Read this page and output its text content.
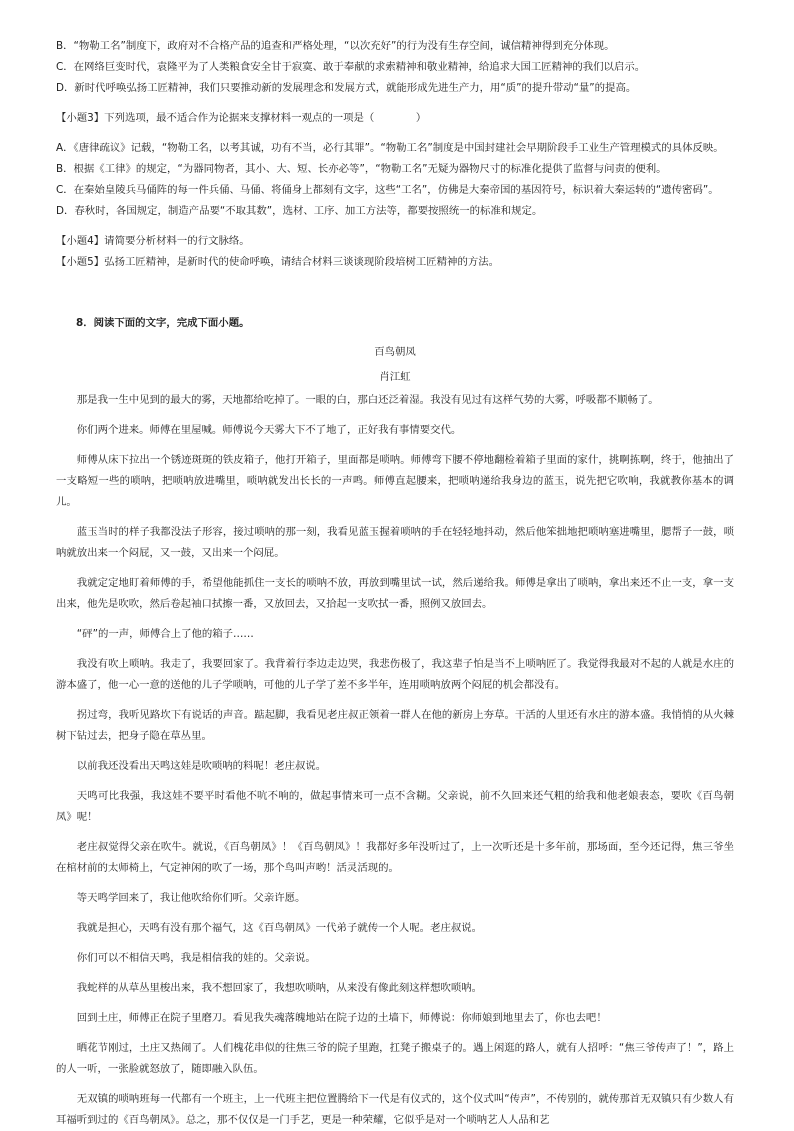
B．“物勒工名”制度下，政府对不合格产品的追查和严格处理，“以次充好”的行为没有生存空间，诚信精神得到充分体现。

C．在网络巨变时代，袁隆平为了人类粮食安全甘于寂寞、敢于奉献的求索精神和敬业精神，给追求大国工匠精神的我们以启示。

D．新时代呼唤弘扬工匠精神，我们只要推动新的发展理念和发展方式，就能形成先进生产力，用“质”的提升带动“量”的提高。

【小题3】下列选项，最不适合作为论据来支撑材料一观点的一项是（　　　　）

A．《唐律疏议》记载，“物勒工名，以考其诚，功有不当，必行其罪”。“物勒工名”制度是中国封建社会早期阶段手工业生产管理模式的具体反映。

B．根据《工律》的规定，“为器同物者，其小、大、短、长亦必等”，“物勒工名”无疑为器物尺寸的标准化提供了监督与问责的便利。

C．在秦始皇陵兵马俑阵的每一件兵俑、马俑、将俑身上都刻有文字，这些“工名”，仿佛是大秦帝国的基因符号，标识着大秦运转的“遗传密码”。

D．春秋时，各国规定，制造产品要“不取其数”，选材、工序、加工方法等，都要按照统一的标准和规定。

【小题4】请简要分析材料一的行文脉络。

【小题5】弘扬工匠精神，是新时代的使命呼唤，请结合材料三谈谈现阶段培树工匠精神的方法。

8．阅读下面的文字，完成下面小题。

百鸟朝凤

肖江虹

那是我一生中见到的最大的雾，天地都给吃掉了。一眼的白，那白还泛着湿。我没有见过有这样气势的大雾，呼吸都不顺畅了。

你们两个进来。师傅在里屋喊。师傅说今天雾大下不了地了，正好我有事情要交代。

师傅从床下拉出一个锈迹斑斑的铁皮箱子，他打开箱子，里面都是唢呐。师傅弯下腰不停地翻检着箱子里面的家什，挑啊拣啊，终于，他抽出了一支略短一些的唢呐，把唢呐放进嘴里，唢呐就发出长长的一声鸣。师傅直起腰来，把唢呐递给我身边的蓝玉，说先把它吹响，我就教你基本的调儿。

蓝玉当时的样子我都没法子形容，接过唢呐的那一刻，我看见蓝玉握着唢呐的手在轻轻地抖动，然后他笨拙地把唢呐塞进嘴里，腮帮子一鼓，唢呐就放出来一个闷屁，又一鼓，又出来一个闷屁。

我就定定地盯着师傅的手，希望他能抓住一支长的唢呐不放，再放到嘴里试一试，然后递给我。师傅是拿出了唢呐，拿出来还不止一支，拿一支出来，他先是吹吹，然后卷起袖口拭擦一番，又放回去，又拾起一支吹拭一番，照例又放回去。

“砰”的一声，师傅合上了他的箱子……

我没有吹上唢呐。我走了，我要回家了。我背着行李边走边哭，我悲伤极了，我这辈子怕是当不上唢呐匠了。我觉得我最对不起的人就是水庄的游本盛了，他一心一意的送他的儿子学唢呐，可他的儿子学了差不多半年，连用唢呐放两个闷屁的机会都没有。

拐过弯，我听见路坎下有说话的声音。踮起脚，我看见老庄叔正领着一群人在他的新房上夯草。干活的人里还有水庄的游本盛。我悄悄的从火棘树下钻过去，把身子隐在草丛里。

以前我还没看出天鸣这娃是吹唢呐的料呢！老庄叔说。

天鸣可比我强，我这娃不要平时看他不吭不响的，做起事情来可一点不含糊。父亲说，前不久回来还气粗的给我和他老娘表态，要吹《百鸟朝凤》呢！

老庄叔觉得父亲在吹牛。就说，《百鸟朝凤》！《百鸟朝凤》！我都好多年没听过了，上一次听还是十多年前，那场面，至今还记得，焦三爷坐在棺材前的太师椅上，气定神闲的吹了一场，那个鸟叫声哟！活灵活现的。

等天鸣学回来了，我让他吹给你们听。父亲许愿。

我就是担心，天鸣有没有那个福气，这《百鸟朝凤》一代弟子就传一个人呢。老庄叔说。

你们可以不相信天鸣，我是相信我的娃的。父亲说。

我蛇样的从草丛里梭出来，我不想回家了，我想吹唢呐，从来没有像此刻这样想吹唢呐。

回到土庄，师傅正在院子里磨刀。看见我失魂落魄地站在院子边的土墙下，师傅说：你师娘到地里去了，你也去吧！

晒花节刚过，土庄又热闹了。人们槐花串似的往焦三爷的院子里跑，扛凳子搬桌子的。遇上闲逛的路人，就有人招呼：“焦三爷传声了！”，路上的人一听，一张脸就怒放了，随即融入队伍。

无双镇的唢呐班每一代都有一个班主，上一代班主把位置腾给下一代是有仪式的，这个仪式叫“传声”，不传别的，就传那首无双镇只有少数人有耳福听到过的《百鸟朝凤》。总之，那不仅仅是一门手艺，更是一种荣耀，它似乎是对一个唢呐艺人人品和艺
